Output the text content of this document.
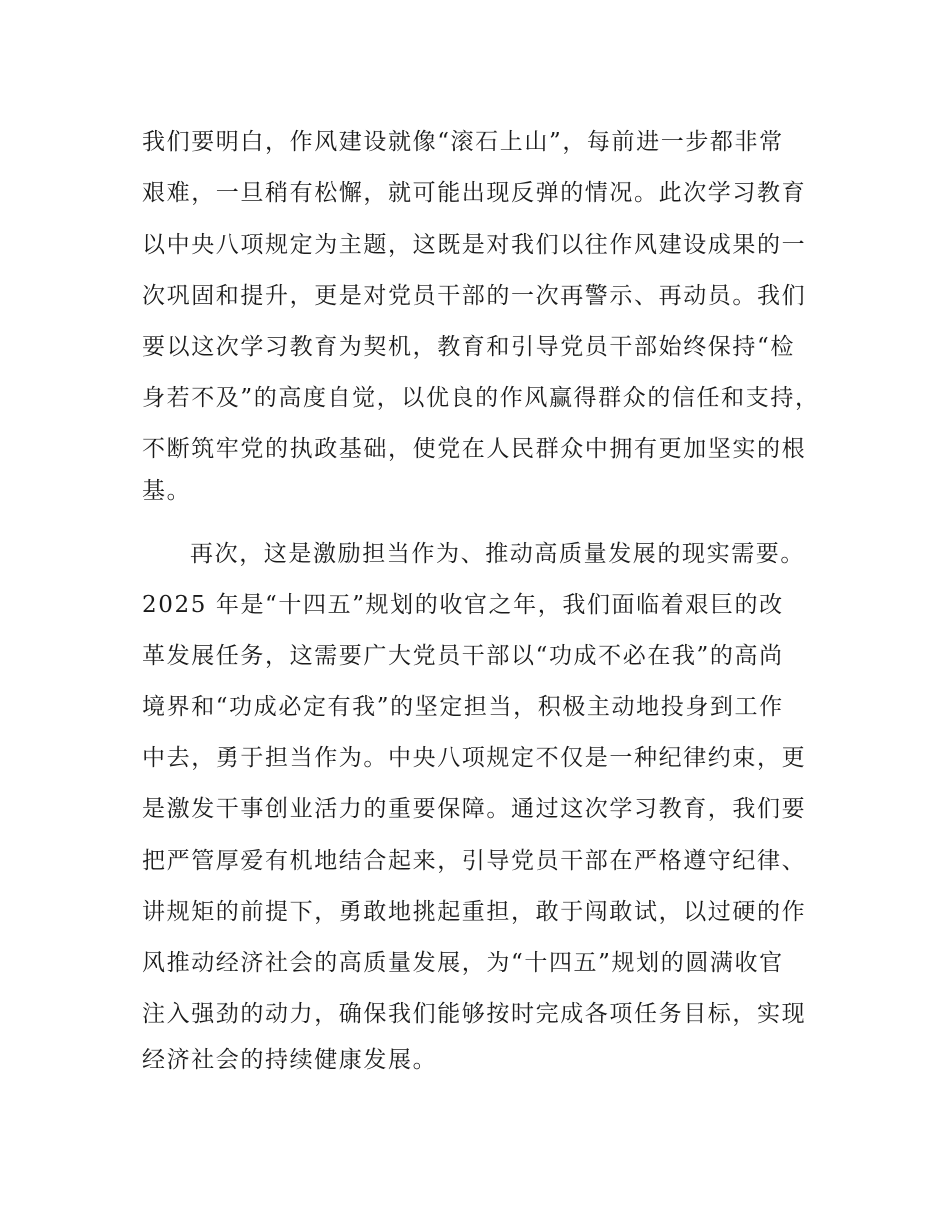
我们要明白，作风建设就像“滚石上山”，每前进一步都非常
艰难，一旦稍有松懈，就可能出现反弹的情况。此次学习教育
以中央八项规定为主题，这既是对我们以往作风建设成果的一
次巩固和提升，更是对党员干部的一次再警示、再动员。我们
要以这次学习教育为契机，教育和引导党员干部始终保持“检
身若不及”的高度自觉，以优良的作风赢得群众的信任和支持，
不断筑牢党的执政基础，使党在人民群众中拥有更加坚实的根
基。
再次，这是激励担当作为、推动高质量发展的现实需要。
2025 年是“十四五”规划的收官之年，我们面临着艰巨的改
革发展任务，这需要广大党员干部以“功成不必在我”的高尚
境界和“功成必定有我”的坚定担当，积极主动地投身到工作
中去，勇于担当作为。中央八项规定不仅是一种纪律约束，更
是激发干事创业活力的重要保障。通过这次学习教育，我们要
把严管厚爱有机地结合起来，引导党员干部在严格遵守纪律、
讲规矩的前提下，勇敢地挑起重担，敢于闯敢试，以过硬的作
风推动经济社会的高质量发展，为“十四五”规划的圆满收官
注入强劲的动力，确保我们能够按时完成各项任务目标，实现
经济社会的持续健康发展。
